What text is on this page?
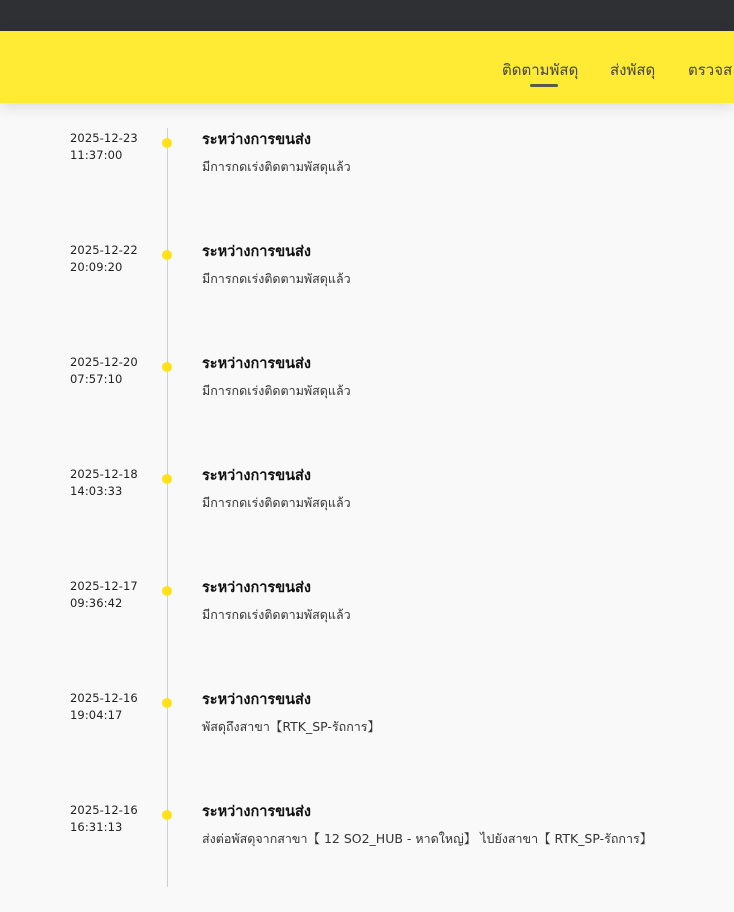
ติดตามพัสดุ ส่งพัสดุ ตรวจส
2025-12-23
11:37:00
ระหว่างการขนส่ง
มีการกดเร่งติดตามพัสดุแล้ว
2025-12-22
20:09:20
ระหว่างการขนส่ง
มีการกดเร่งติดตามพัสดุแล้ว
2025-12-20
07:57:10
ระหว่างการขนส่ง
มีการกดเร่งติดตามพัสดุแล้ว
2025-12-18
14:03:33
ระหว่างการขนส่ง
มีการกดเร่งติดตามพัสดุแล้ว
2025-12-17
09:36:42
ระหว่างการขนส่ง
มีการกดเร่งติดตามพัสดุแล้ว
2025-12-16
19:04:17
ระหว่างการขนส่ง
พัสดุถึงสาขา【RTK_SP-รัถการ】
2025-12-16
16:31:13
ระหว่างการขนส่ง
ส่งต่อพัสดุจากสาขา【 12 SO2_HUB - หาดใหญ่】 ไปยังสาขา【 RTK_SP-รัถการ】
